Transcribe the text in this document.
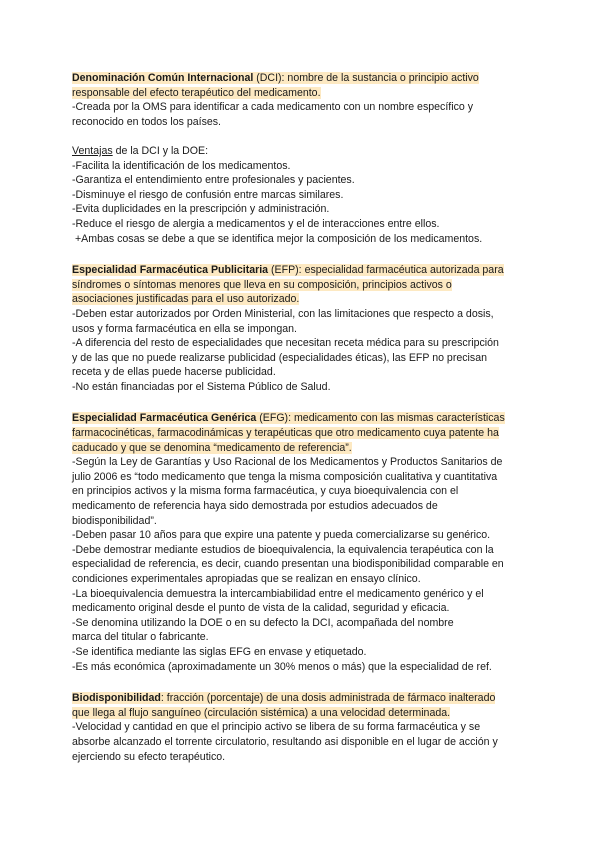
Denominación Común Internacional (DCI): nombre de la sustancia o principio activo
responsable del efecto terapéutico del medicamento.
-Creada por la OMS para identificar a cada medicamento con un nombre específico y
reconocido en todos los países.
Ventajas de la DCI y la DOE:
-Facilita la identificación de los medicamentos.
-Garantiza el entendimiento entre profesionales y pacientes.
-Disminuye el riesgo de confusión entre marcas similares.
-Evita duplicidades en la prescripción y administración.
-Reduce el riesgo de alergia a medicamentos y el de interacciones entre ellos.
+Ambas cosas se debe a que se identifica mejor la composición de los medicamentos.
Especialidad Farmacéutica Publicitaria (EFP): especialidad farmacéutica autorizada para
síndromes o síntomas menores que lleva en su composición, principios activos o
asociaciones justificadas para el uso autorizado.
-Deben estar autorizados por Orden Ministerial, con las limitaciones que respecto a dosis,
usos y forma farmacéutica en ella se impongan.
-A diferencia del resto de especialidades que necesitan receta médica para su prescripción
y de las que no puede realizarse publicidad (especialidades éticas), las EFP no precisan
receta y de ellas puede hacerse publicidad.
-No están financiadas por el Sistema Público de Salud.
Especialidad Farmacéutica Genérica (EFG): medicamento con las mismas características
farmacocinéticas, farmacodinámicas y terapéuticas que otro medicamento cuya patente ha
caducado y que se denomina “medicamento de referencia”.
-Según la Ley de Garantías y Uso Racional de los Medicamentos y Productos Sanitarios de
julio 2006 es “todo medicamento que tenga la misma composición cualitativa y cuantitativa
en principios activos y la misma forma farmacéutica, y cuya bioequivalencia con el
medicamento de referencia haya sido demostrada por estudios adecuados de
biodisponibilidad”.
-Deben pasar 10 años para que expire una patente y pueda comercializarse su genérico.
-Debe demostrar mediante estudios de bioequivalencia, la equivalencia terapéutica con la
especialidad de referencia, es decir, cuando presentan una biodisponibilidad comparable en
condiciones experimentales apropiadas que se realizan en ensayo clínico.
-La bioequivalencia demuestra la intercambiabilidad entre el medicamento genérico y el
medicamento original desde el punto de vista de la calidad, seguridad y eficacia.
-Se denomina utilizando la DOE o en su defecto la DCI, acompañada del nombre
marca del titular o fabricante.
-Se identifica mediante las siglas EFG en envase y etiquetado.
-Es más económica (aproximadamente un 30% menos o más) que la especialidad de ref.
Biodisponibilidad: fracción (porcentaje) de una dosis administrada de fármaco inalterado
que llega al flujo sanguíneo (circulación sistémica) a una velocidad determinada.
-Velocidad y cantidad en que el principio activo se libera de su forma farmacéutica y se
absorbe alcanzado el torrente circulatorio, resultando asi disponible en el lugar de acción y
ejerciendo su efecto terapéutico.
